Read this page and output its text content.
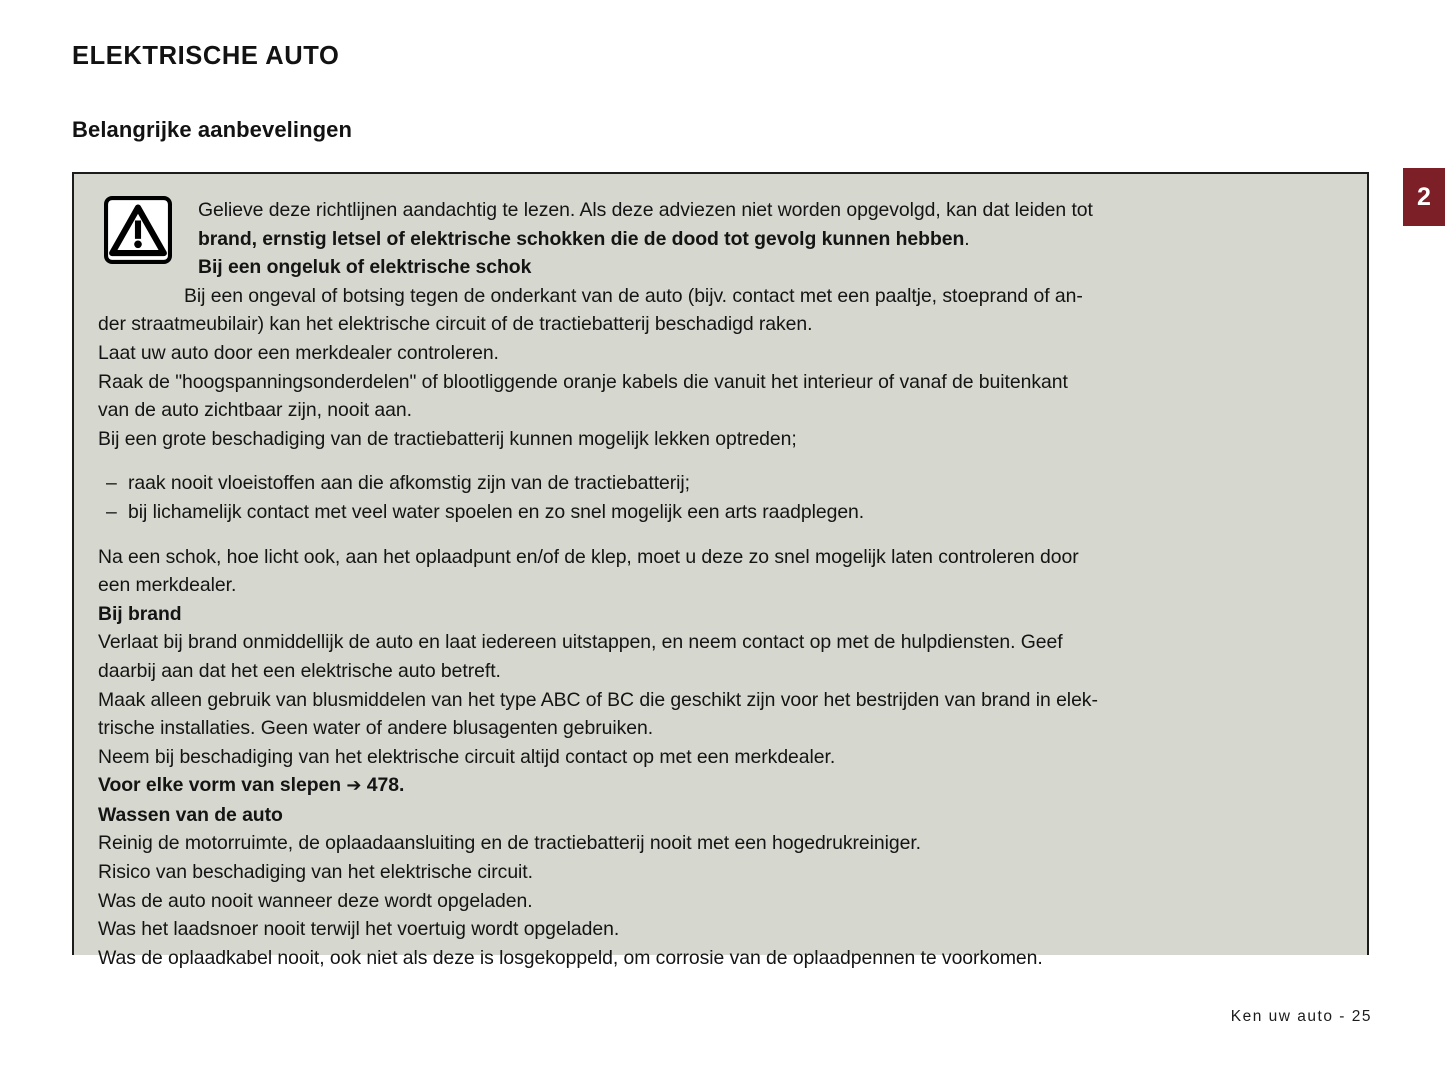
ELEKTRISCHE AUTO
Belangrijke aanbevelingen
2
Gelieve deze richtlijnen aandachtig te lezen. Als deze adviezen niet worden opgevolgd, kan dat leiden tot
brand, ernstig letsel of elektrische schokken die de dood tot gevolg kunnen hebben.
Bij een ongeluk of elektrische schok
Bij een ongeval of botsing tegen de onderkant van de auto (bijv. contact met een paaltje, stoeprand of an-
der straatmeubilair) kan het elektrische circuit of de tractiebatterij beschadigd raken.
Laat uw auto door een merkdealer controleren.
Raak de "hoogspanningsonderdelen" of blootliggende oranje kabels die vanuit het interieur of vanaf de buitenkant
van de auto zichtbaar zijn, nooit aan.
Bij een grote beschadiging van de tractiebatterij kunnen mogelijk lekken optreden;
– raak nooit vloeistoffen aan die afkomstig zijn van de tractiebatterij;
– bij lichamelijk contact met veel water spoelen en zo snel mogelijk een arts raadplegen.
Na een schok, hoe licht ook, aan het oplaadpunt en/of de klep, moet u deze zo snel mogelijk laten controleren door
een merkdealer.
Bij brand
Verlaat bij brand onmiddellijk de auto en laat iedereen uitstappen, en neem contact op met de hulpdiensten. Geef
daarbij aan dat het een elektrische auto betreft.
Maak alleen gebruik van blusmiddelen van het type ABC of BC die geschikt zijn voor het bestrijden van brand in elek-
trische installaties. Geen water of andere blusagenten gebruiken.
Neem bij beschadiging van het elektrische circuit altijd contact op met een merkdealer.
Voor elke vorm van slepen ➔ 478.
Wassen van de auto
Reinig de motorruimte, de oplaadaansluiting en de tractiebatterij nooit met een hogedrukreiniger.
Risico van beschadiging van het elektrische circuit.
Was de auto nooit wanneer deze wordt opgeladen.
Was het laadsnoer nooit terwijl het voertuig wordt opgeladen.
Was de oplaadkabel nooit, ook niet als deze is losgekoppeld, om corrosie van de oplaadpennen te voorkomen.
Ken uw auto - 25
